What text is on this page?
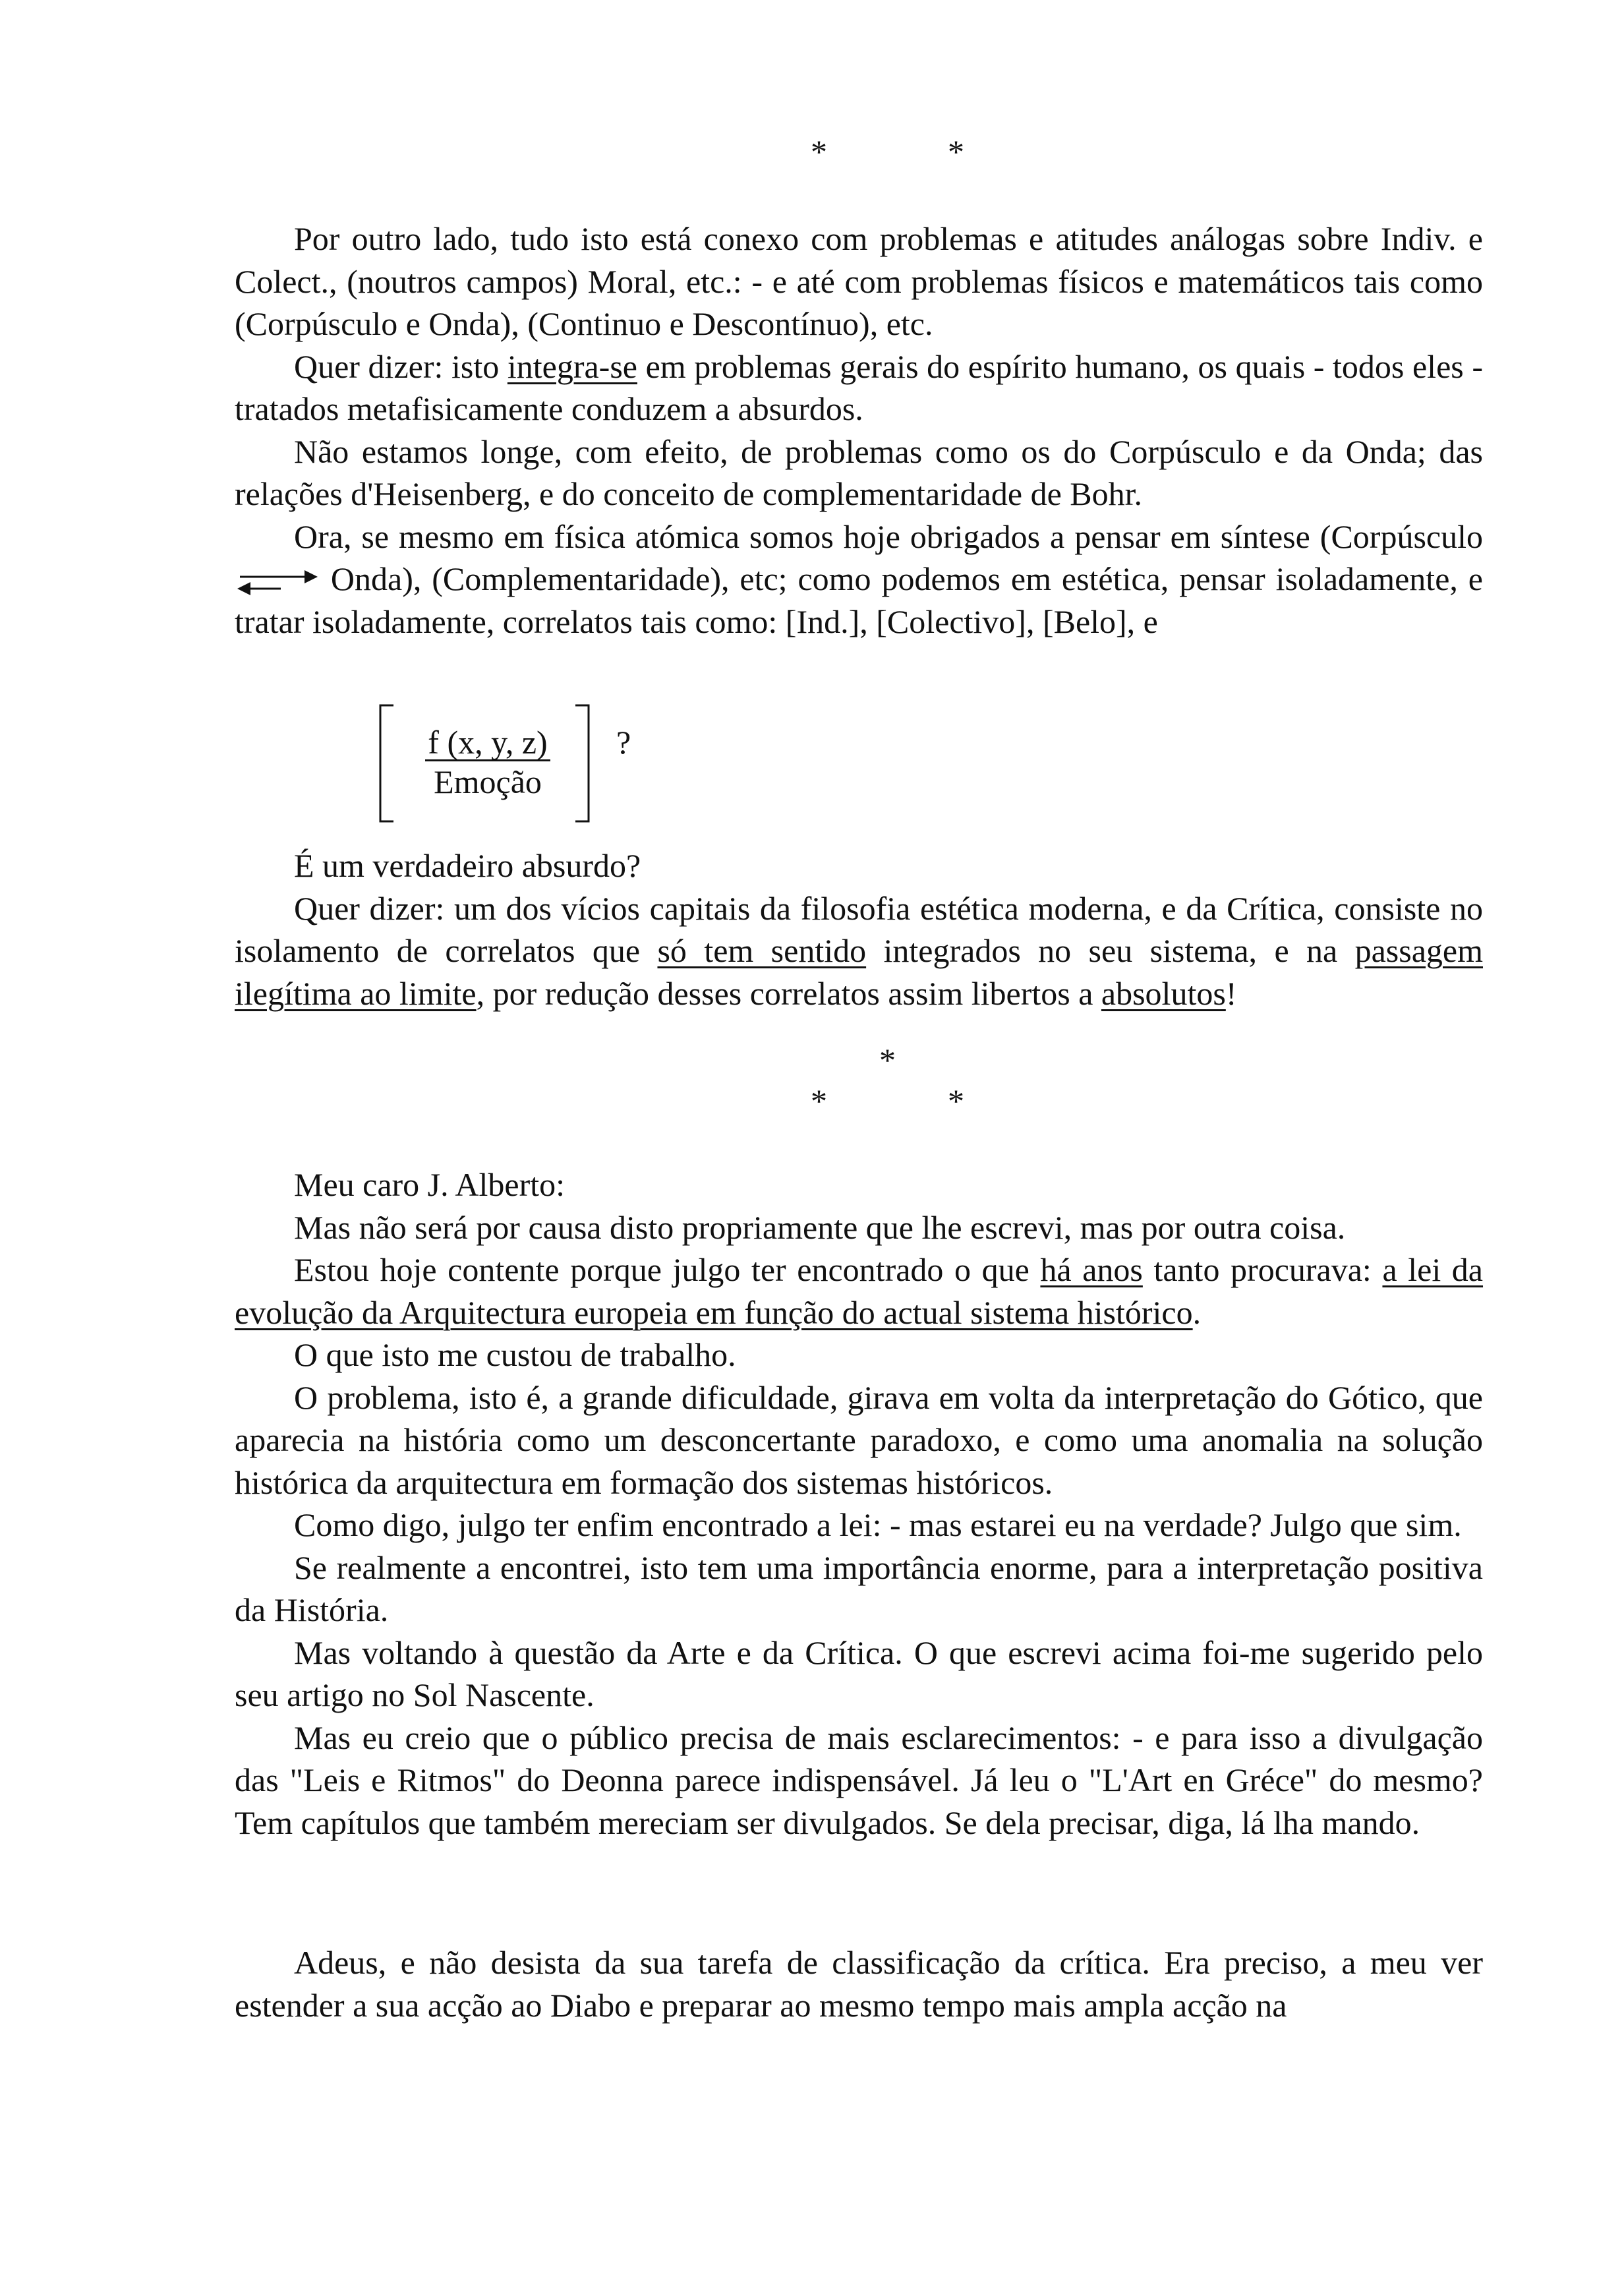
*	*

Por outro lado, tudo isto está conexo com problemas e atitudes análogas sobre Indiv. e Colect., (noutros campos) Moral, etc.: - e até com problemas físicos e matemáticos tais como (Corpúsculo e Onda), (Continuo e Descontínuo), etc.

Quer dizer: isto integra-se em problemas gerais do espírito humano, os quais - todos eles - tratados metafisicamente conduzem a absurdos.

Não estamos longe, com efeito, de problemas como os do Corpúsculo e da Onda; das relações d'Heisenberg, e do conceito de complementaridade de Bohr.

Ora, se mesmo em física atómica somos hoje obrigados a pensar em síntese (Corpúsculo Onda), (Complementaridade), etc; como podemos em estética, pensar isoladamente, e tratar isoladamente, correlatos tais como: [Ind.], [Colectivo], [Belo], e

f (x, y, z)
Emoção
?

É um verdadeiro absurdo?

Quer dizer: um dos vícios capitais da filosofia estética moderna, e da Crítica, consiste no isolamento de correlatos que só tem sentido integrados no seu sistema, e na passagem ilegítima ao limite, por redução desses correlatos assim libertos a absolutos!

*
*	*

Meu caro J. Alberto:

Mas não será por causa disto propriamente que lhe escrevi, mas por outra coisa.

Estou hoje contente porque julgo ter encontrado o que há anos tanto procurava: a lei da evolução da Arquitectura europeia em função do actual sistema histórico.

O que isto me custou de trabalho.

O problema, isto é, a grande dificuldade, girava em volta da interpretação do Gótico, que aparecia na história como um desconcertante paradoxo, e como uma anomalia na solução histórica da arquitectura em formação dos sistemas históricos.

Como digo, julgo ter enfim encontrado a lei: - mas estarei eu na verdade? Julgo que sim.

Se realmente a encontrei, isto tem uma importância enorme, para a interpretação positiva da História.

Mas voltando à questão da Arte e da Crítica. O que escrevi acima foi-me sugerido pelo seu artigo no Sol Nascente.

Mas eu creio que o público precisa de mais esclarecimentos: - e para isso a divulgação das "Leis e Ritmos" do Deonna parece indispensável. Já leu o "L'Art en Gréce" do mesmo? Tem capítulos que também mereciam ser divulgados. Se dela precisar, diga, lá lha mando.

Adeus, e não desista da sua tarefa de classificação da crítica. Era preciso, a meu ver estender a sua acção ao Diabo e preparar ao mesmo tempo mais ampla acção na
